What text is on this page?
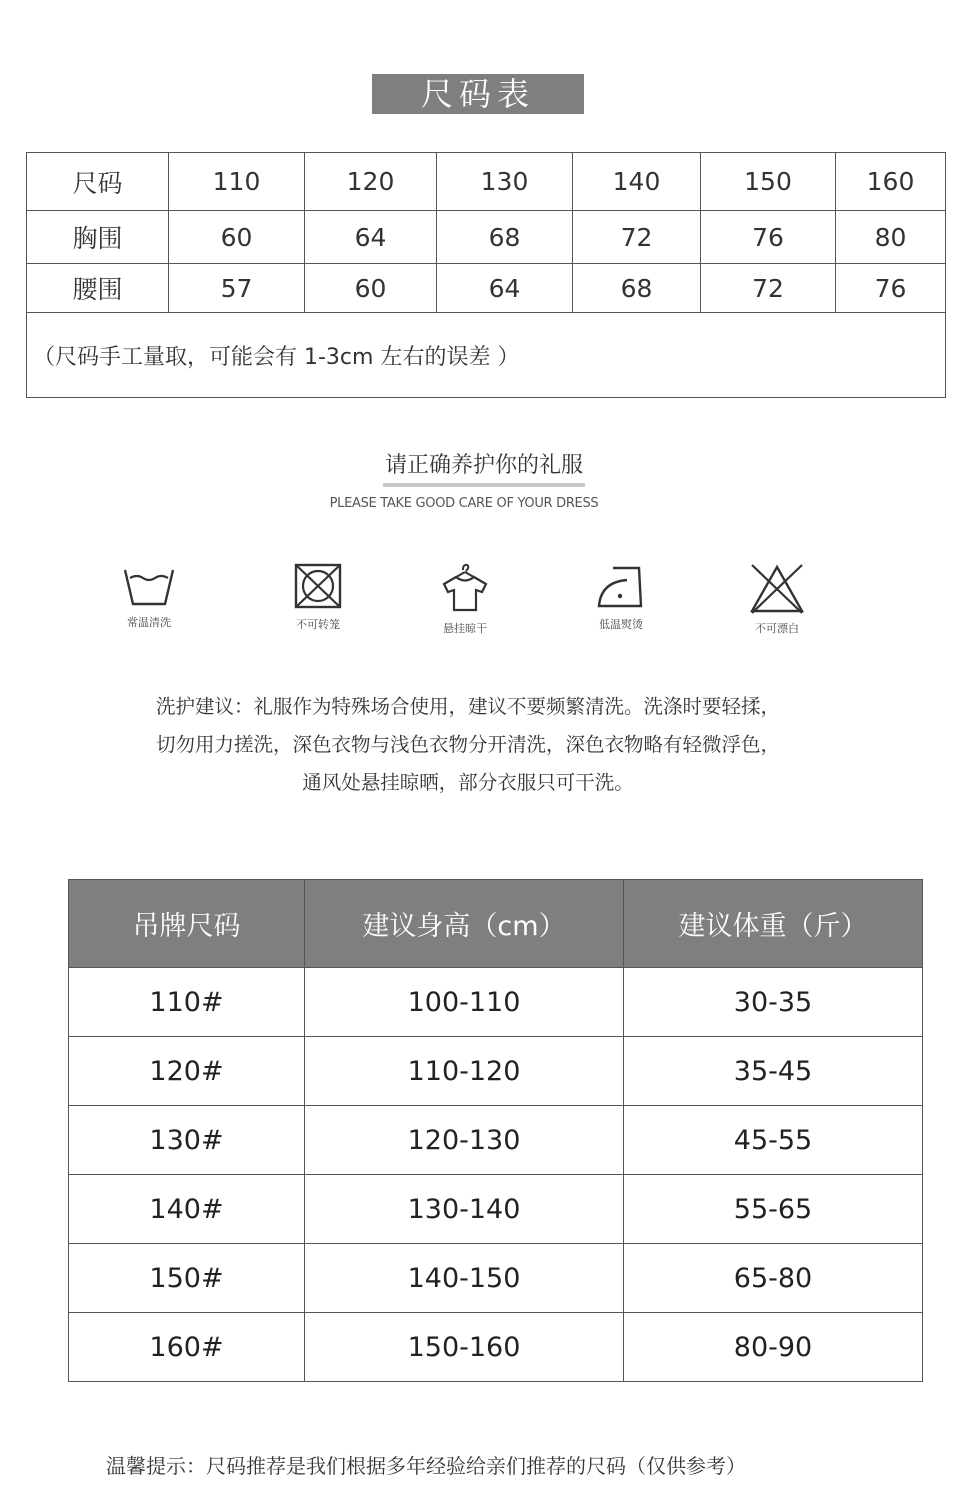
尺码表
尺码	110	120	130	140	150	160
胸围	60	64	68	72	76	80
腰围	57	60	64	68	72	76
（尺码手工量取，可能会有 1-3cm 左右的误差 ）						
请正确养护你的礼服
PLEASE TAKE GOOD CARE OF YOUR DRESS
常温清洗	不可转笼	悬挂晾干	低温熨烫	不可漂白
洗护建议：礼服作为特殊场合使用，建议不要频繁清洗。洗涤时要轻揉，
切勿用力搓洗，深色衣物与浅色衣物分开清洗，深色衣物略有轻微浮色，
通风处悬挂晾晒，部分衣服只可干洗。
吊牌尺码	建议身高（cm）	建议体重（斤）
110#	100-110	30-35
120#	110-120	35-45
130#	120-130	45-55
140#	130-140	55-65
150#	140-150	65-80
160#	150-160	80-90
温馨提示：尺码推荐是我们根据多年经验给亲们推荐的尺码（仅供参考）
